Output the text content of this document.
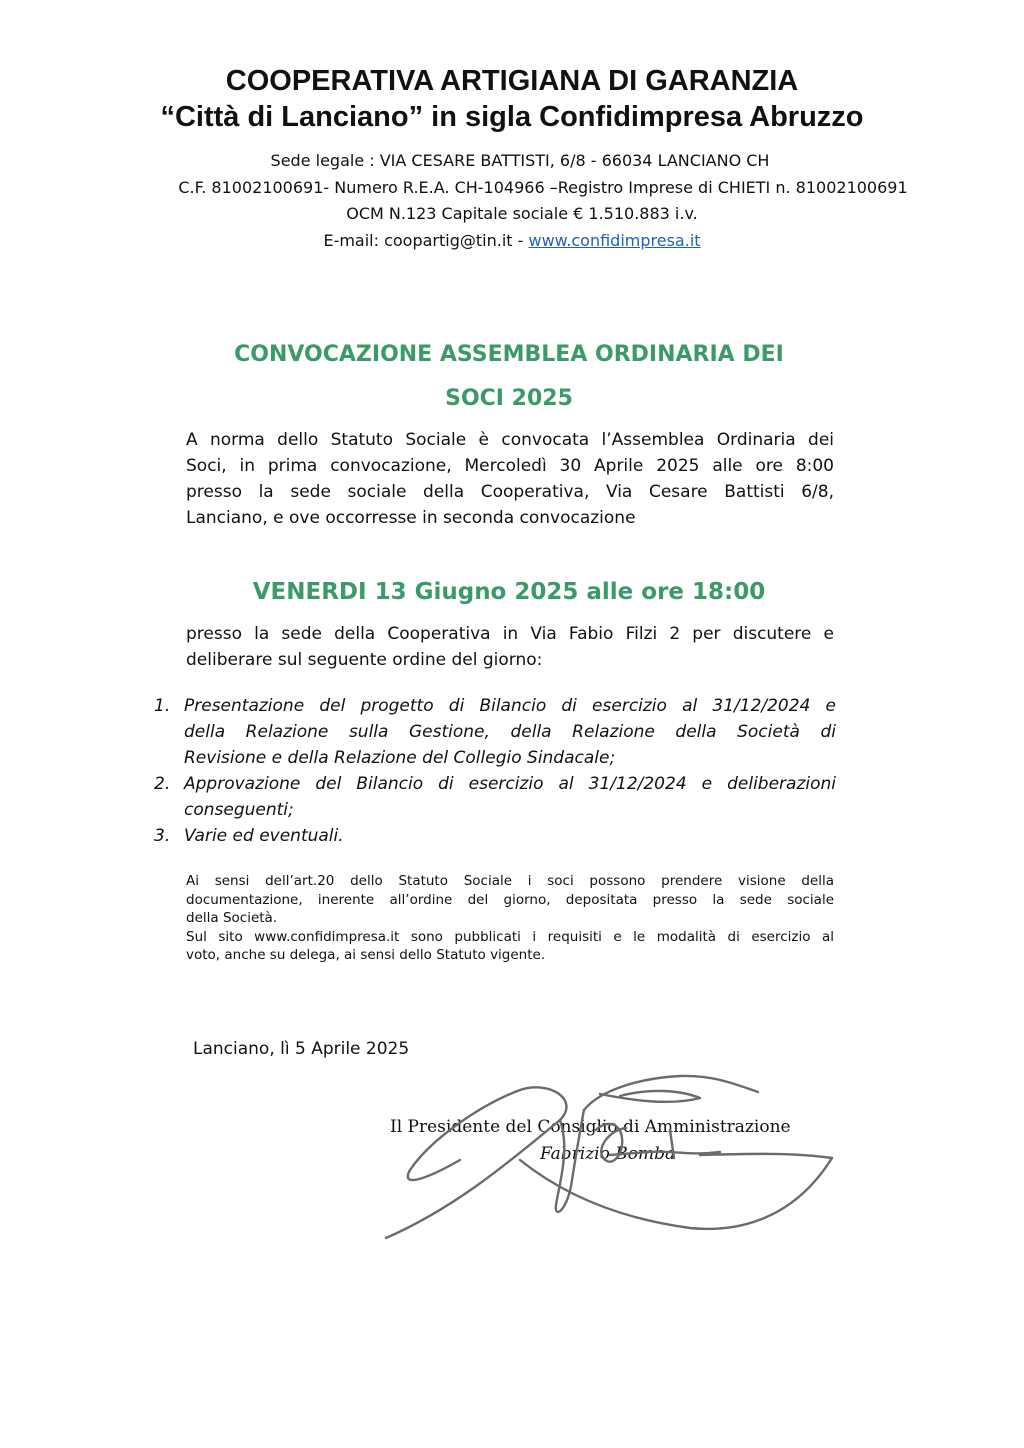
COOPERATIVA ARTIGIANA DI GARANZIA
“Città di Lanciano” in sigla Confidimpresa Abruzzo
Sede legale : VIA CESARE BATTISTI, 6/8 - 66034 LANCIANO CH
C.F. 81002100691- Numero R.E.A. CH-104966 –Registro Imprese di CHIETI n. 81002100691
OCM N.123 Capitale sociale € 1.510.883 i.v.
E-mail: coopartig@tin.it - www.confidimpresa.it
CONVOCAZIONE ASSEMBLEA ORDINARIA DEI
SOCI 2025
A norma dello Statuto Sociale è convocata l’Assemblea Ordinaria dei
Soci, in prima convocazione, Mercoledì 30 Aprile 2025 alle ore 8:00
presso la sede sociale della Cooperativa, Via Cesare Battisti 6/8,
Lanciano, e ove occorresse in seconda convocazione
VENERDI 13 Giugno 2025 alle ore 18:00
presso la sede della Cooperativa in Via Fabio Filzi 2 per discutere e
deliberare sul seguente ordine del giorno:
1. Presentazione del progetto di Bilancio di esercizio al 31/12/2024 e
della Relazione sulla Gestione, della Relazione della Società di
Revisione e della Relazione del Collegio Sindacale;
2. Approvazione del Bilancio di esercizio al 31/12/2024 e deliberazioni
conseguenti;
3. Varie ed eventuali.
Ai sensi dell’art.20 dello Statuto Sociale i soci possono prendere visione della
documentazione, inerente all’ordine del giorno, depositata presso la sede sociale
della Società.
Sul sito www.confidimpresa.it sono pubblicati i requisiti e le modalità di esercizio al
voto, anche su delega, ai sensi dello Statuto vigente.
Lanciano, lì 5 Aprile 2025
Il Presidente del Consiglio di Amministrazione
Fabrizio Bomba
